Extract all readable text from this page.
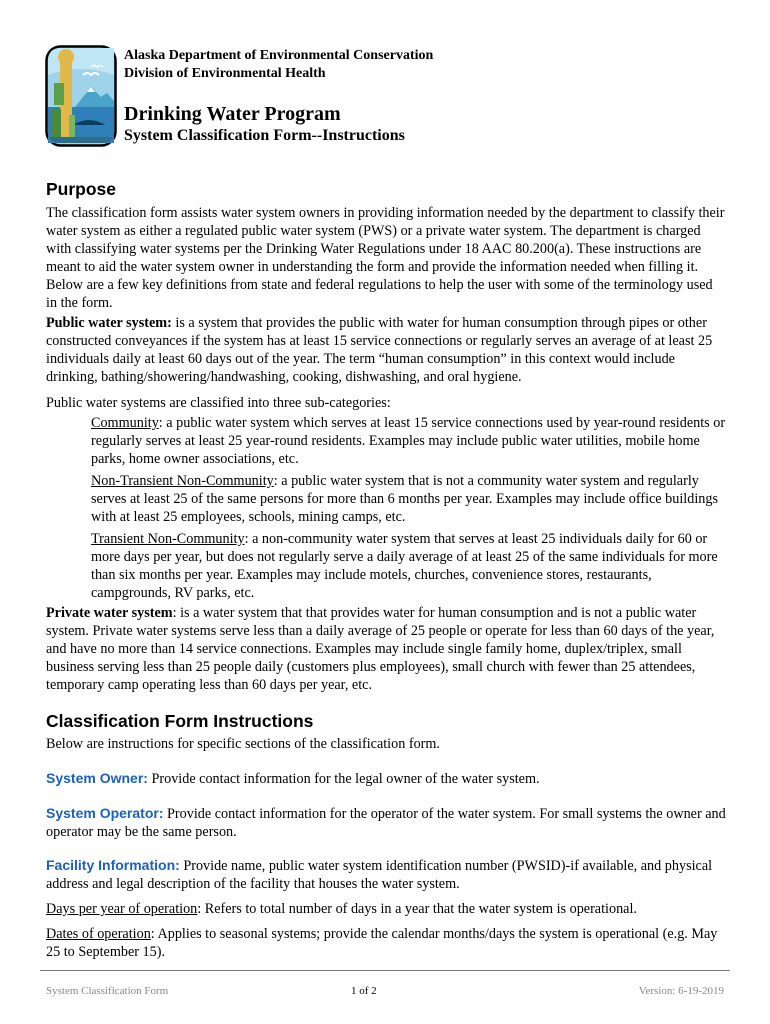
Alaska Department of Environmental Conservation
Division of Environmental Health
Drinking Water Program
System Classification Form--Instructions
Purpose

The classification form assists water system owners in providing information needed by the department to classify their water system as either a regulated public water system (PWS) or a private water system. The department is charged with classifying water systems per the Drinking Water Regulations under 18 AAC 80.200(a). These instructions are meant to aid the water system owner in understanding the form and provide the information needed when filling it. Below are a few key definitions from state and federal regulations to help the user with some of the terminology used in the form.

Public water system: is a system that provides the public with water for human consumption through pipes or other constructed conveyances if the system has at least 15 service connections or regularly serves an average of at least 25 individuals daily at least 60 days out of the year. The term “human consumption” in this context would include drinking, bathing/showering/handwashing, cooking, dishwashing, and oral hygiene.

Public water systems are classified into three sub-categories:

Community: a public water system which serves at least 15 service connections used by year-round residents or regularly serves at least 25 year-round residents. Examples may include public water utilities, mobile home parks, home owner associations, etc.

Non-Transient Non-Community: a public water system that is not a community water system and regularly serves at least 25 of the same persons for more than 6 months per year. Examples may include office buildings with at least 25 employees, schools, mining camps, etc.

Transient Non-Community: a non-community water system that serves at least 25 individuals daily for 60 or more days per year, but does not regularly serve a daily average of at least 25 of the same individuals for more than six months per year. Examples may include motels, churches, convenience stores, restaurants, campgrounds, RV parks, etc.

Private water system: is a water system that that provides water for human consumption and is not a public water system. Private water systems serve less than a daily average of 25 people or operate for less than 60 days of the year, and have no more than 14 service connections. Examples may include single family home, duplex/triplex, small business serving less than 25 people daily (customers plus employees), small church with fewer than 25 attendees, temporary camp operating less than 60 days per year, etc.

Classification Form Instructions

Below are instructions for specific sections of the classification form.

System Owner: Provide contact information for the legal owner of the water system.

System Operator: Provide contact information for the operator of the water system. For small systems the owner and operator may be the same person.

Facility Information: Provide name, public water system identification number (PWSID)-if available, and physical address and legal description of the facility that houses the water system.

Days per year of operation: Refers to total number of days in a year that the water system is operational.

Dates of operation: Applies to seasonal systems; provide the calendar months/days the system is operational (e.g. May 25 to September 15).

System Classification Form	1 of 2	Version: 6-19-2019
